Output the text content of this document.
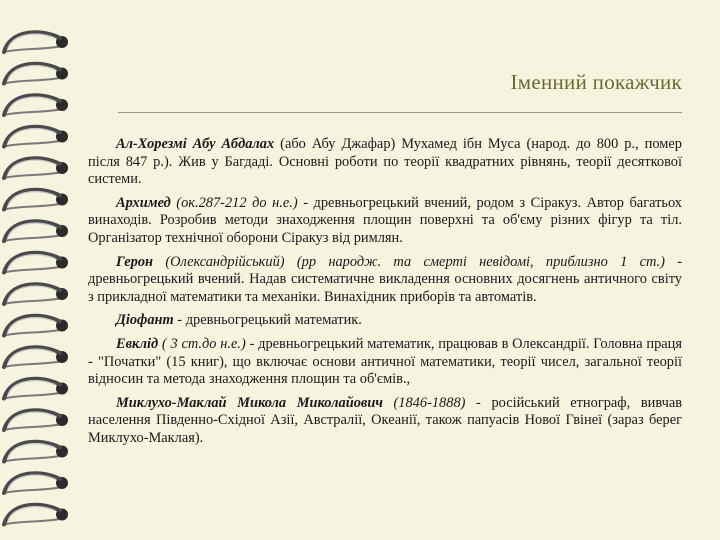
Іменний покажчик

Ал-Хорезмі Абу Абдалах (або Абу Джафар) Мухамед ібн Муса (народ. до 800 р., помер після 847 р.). Жив у Багдаді. Основні роботи по теорії квадратних рівнянь, теорії десяткової системи.

Архимед (ок.287-212 до н.е.) - древньогрецький вчений, родом з Сіракуз. Автор багатьох винаходів. Розробив методи знаходження площин поверхні та об'єму різних фігур та тіл. Організатор технічної оборони Сіракуз від римлян.

Герон (Олександрійський) (рр народж. та смерті невідомі, приблизно 1 ст.) - древньогрецький вчений. Надав систематичне викладення основних досягнень античного світу з прикладної математики та механіки. Винахідник приборів та автоматів.

Діофант - древньогрецький математик.

Евклід ( 3 ст.до н.е.) - древньогрецький математик, працював в Олександрії. Головна праця - "Початки" (15 книг), що включає основи античної математики, теорії чисел, загальної теорії відносин та метода знаходження площин та об'ємів.,

Миклухо-Маклай Микола Миколайович (1846-1888) - російський етнограф, вивчав населення Південно-Східної Азії, Австралії, Океанії, також папуасів Нової Гвінеї (зараз берег Миклухо-Маклая).
